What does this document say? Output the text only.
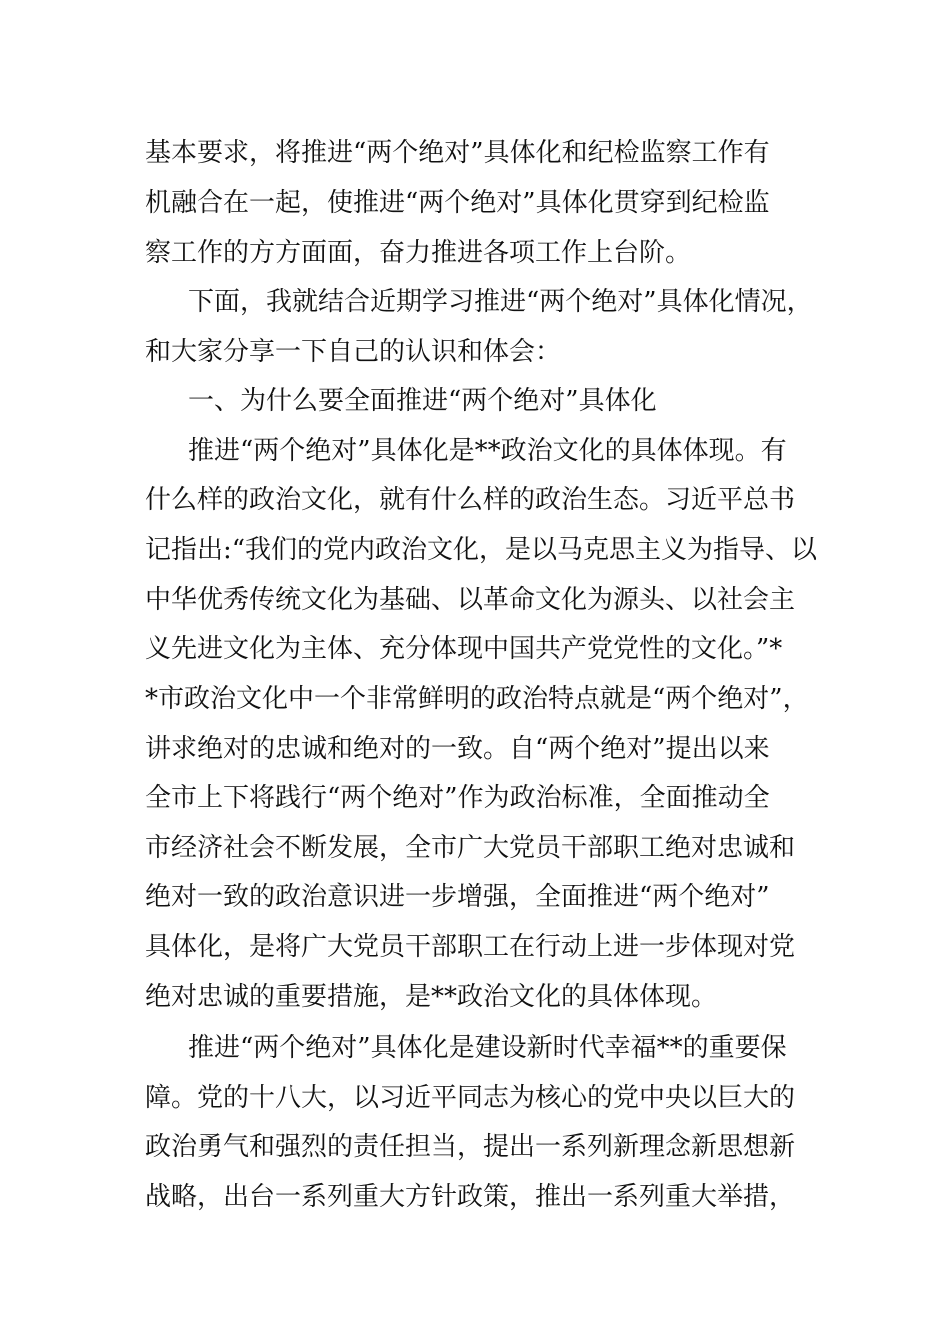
基本要求，将推进“两个绝对”具体化和纪检监察工作有
机融合在一起，使推进“两个绝对”具体化贯穿到纪检监
察工作的方方面面，奋力推进各项工作上台阶。
下面，我就结合近期学习推进“两个绝对”具体化情况，
和大家分享一下自己的认识和体会：
一、为什么要全面推进“两个绝对”具体化
推进“两个绝对”具体化是**政治文化的具体体现。有
什么样的政治文化，就有什么样的政治生态。习近平总书
记指出:“我们的党内政治文化，是以马克思主义为指导、以
中华优秀传统文化为基础、以革命文化为源头、以社会主
义先进文化为主体、充分体现中国共产党党性的文化。”*
*市政治文化中一个非常鲜明的政治特点就是“两个绝对”，
讲求绝对的忠诚和绝对的一致。自“两个绝对”提出以来
全市上下将践行“两个绝对”作为政治标准，全面推动全
市经济社会不断发展，全市广大党员干部职工绝对忠诚和
绝对一致的政治意识进一步增强，全面推进“两个绝对”
具体化，是将广大党员干部职工在行动上进一步体现对党
绝对忠诚的重要措施，是**政治文化的具体体现。
推进“两个绝对”具体化是建设新时代幸福**的重要保
障。党的十八大，以习近平同志为核心的党中央以巨大的
政治勇气和强烈的责任担当，提出一系列新理念新思想新
战略，出台一系列重大方针政策，推出一系列重大举措，
